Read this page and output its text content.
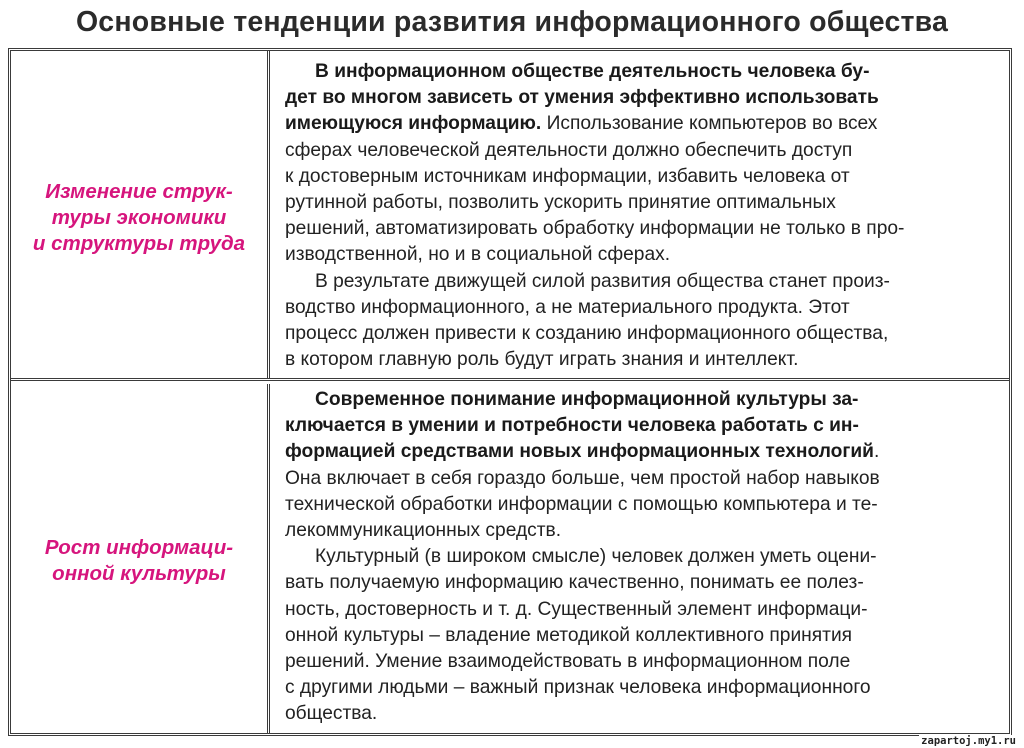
Основные тенденции развития информационного общества
Изменение струк-
туры экономики
и структуры труда
В информационном обществе деятельность человека бу-
дет во многом зависеть от умения эффективно использовать
имеющуюся информацию. Использование компьютеров во всех
сферах человеческой деятельности должно обеспечить доступ
к достоверным источникам информации, избавить человека от
рутинной работы, позволить ускорить принятие оптимальных
решений, автоматизировать обработку информации не только в про-
изводственной, но и в социальной сферах.
В результате движущей силой развития общества станет произ-
водство информационного, а не материального продукта. Этот
процесс должен привести к созданию информационного общества,
в котором главную роль будут играть знания и интеллект.
Рост информаци-
онной культуры
Современное понимание информационной культуры за-
ключается в умении и потребности человека работать с ин-
формацией средствами новых информационных технологий.
Она включает в себя гораздо больше, чем простой набор навыков
технической обработки информации с помощью компьютера и те-
лекоммуникационных средств.
Культурный (в широком смысле) человек должен уметь оцени-
вать получаемую информацию качественно, понимать ее полез-
ность, достоверность и т. д. Существенный элемент информаци-
онной культуры – владение методикой коллективного принятия
решений. Умение взаимодействовать в информационном поле
с другими людьми – важный признак человека информационного
общества.
zapartoj.my1.ru
